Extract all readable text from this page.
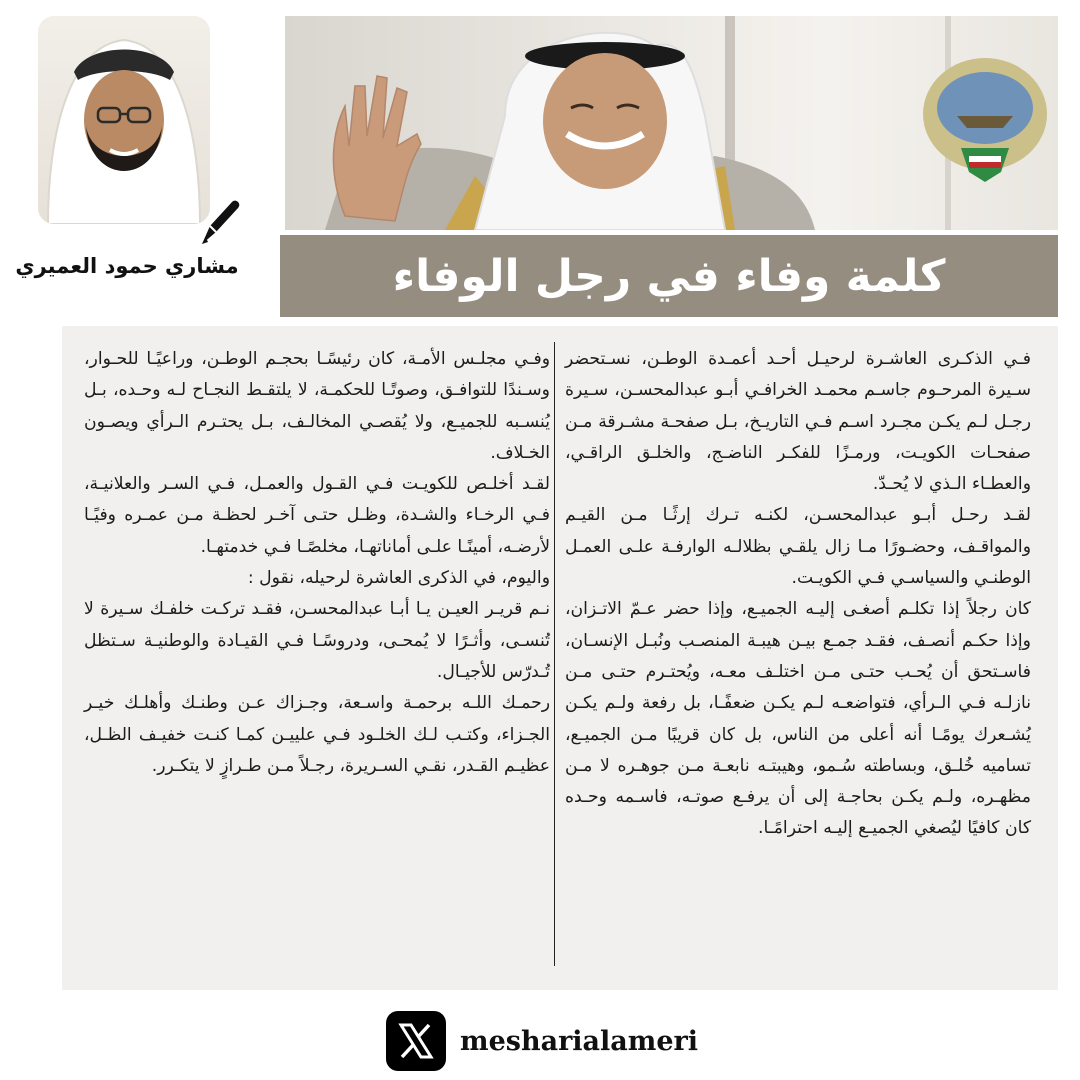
كلمة وفاء في رجل الوفاء
مشاري حمود العميري

فـي الذكـرى العاشـرة لرحيـل أحـد أعمـدة الوطـن، نسـتحضر سـيرة المرحـوم جاسـم محمـد الخرافـي أبـو عبدالمحسـن، سـيرة رجـل لـم يكـن مجـرد اسـم فـي التاريـخ، بـل صفحـة مشـرقة مـن صفحـات الكويـت، ورمـزًا للفكـر الناضـج، والخلـق الراقـي، والعطـاء الـذي لا يُحـدّ.

لقـد رحـل أبـو عبدالمحسـن، لكنـه تـرك إرثًـا مـن القيـم والمواقـف، وحضـورًا مـا زال يلقـي بظلالـه الوارفـة علـى العمـل الوطنـي والسياسـي فـي الكويـت.

كان رجلاً إذا تكلـم أصغـى إليـه الجميـع، وإذا حضر عـمّ الاتـزان، وإذا حكـم أنصـف، فقـد جمـع بيـن هيبـة المنصـب ونُبـل الإنسـان، فاسـتحق أن يُحـب حتـى مـن اختلـف معـه، ويُحتـرم حتـى مـن نازلـه فـي الـرأي، فتواضعـه لـم يكـن ضعفًـا، بل رفعة ولـم يكـن يُشـعرك يومًـا أنه أعلى من الناس، بل كان قريبًا مـن الجميـع، تساميه خُلـق، وبساطته سُـمو، وهيبتـه نابعـة مـن جوهـره لا مـن مظهـره، ولـم يكـن بحاجـة إلى أن يرفـع صوتـه، فاسـمه وحـده كان كافيًا ليُصغي الجميـع إليـه احترامًـا.

وفـي مجلـس الأمـة، كان رئيسًـا بحجـم الوطـن، وراعيًـا للحـوار، وسـندًا للتوافـق، وصوتًـا للحكمـة، لا يلتقـط النجـاح لـه وحـده، بـل يُنسـبه للجميـع، ولا يُقصـي المخالـف، بـل يحتـرم الـرأي ويصـون الخـلاف.

لقـد أخلـص للكويـت فـي القـول والعمـل، فـي السـر والعلانيـة، فـي الرخـاء والشـدة، وظـل حتـى آخـر لحظـة مـن عمـره وفيًـا لأرضـه، أمينًـا علـى أماناتهـا، مخلصًـا فـي خدمتهـا.

واليوم، في الذكرى العاشرة لرحيله، نقول :

نـم قريـر العيـن يـا أبـا عبدالمحسـن، فقـد تركـت خلفـك سـيرة لا تُنسـى، وأثـرًا لا يُمحـى، ودروسًـا فـي القيـادة والوطنيـة سـتظل تُـدرّس للأجيـال.

رحمـك اللـه برحمـة واسـعة، وجـزاك عـن وطنـك وأهلـك خيـر الجـزاء، وكتـب لـك الخلـود فـي علييـن كمـا كنـت خفيـف الظـل، عظيـم القـدر، نقـي السـريرة، رجـلاً مـن طـرازٍ لا يتكـرر.

mesharialameri
